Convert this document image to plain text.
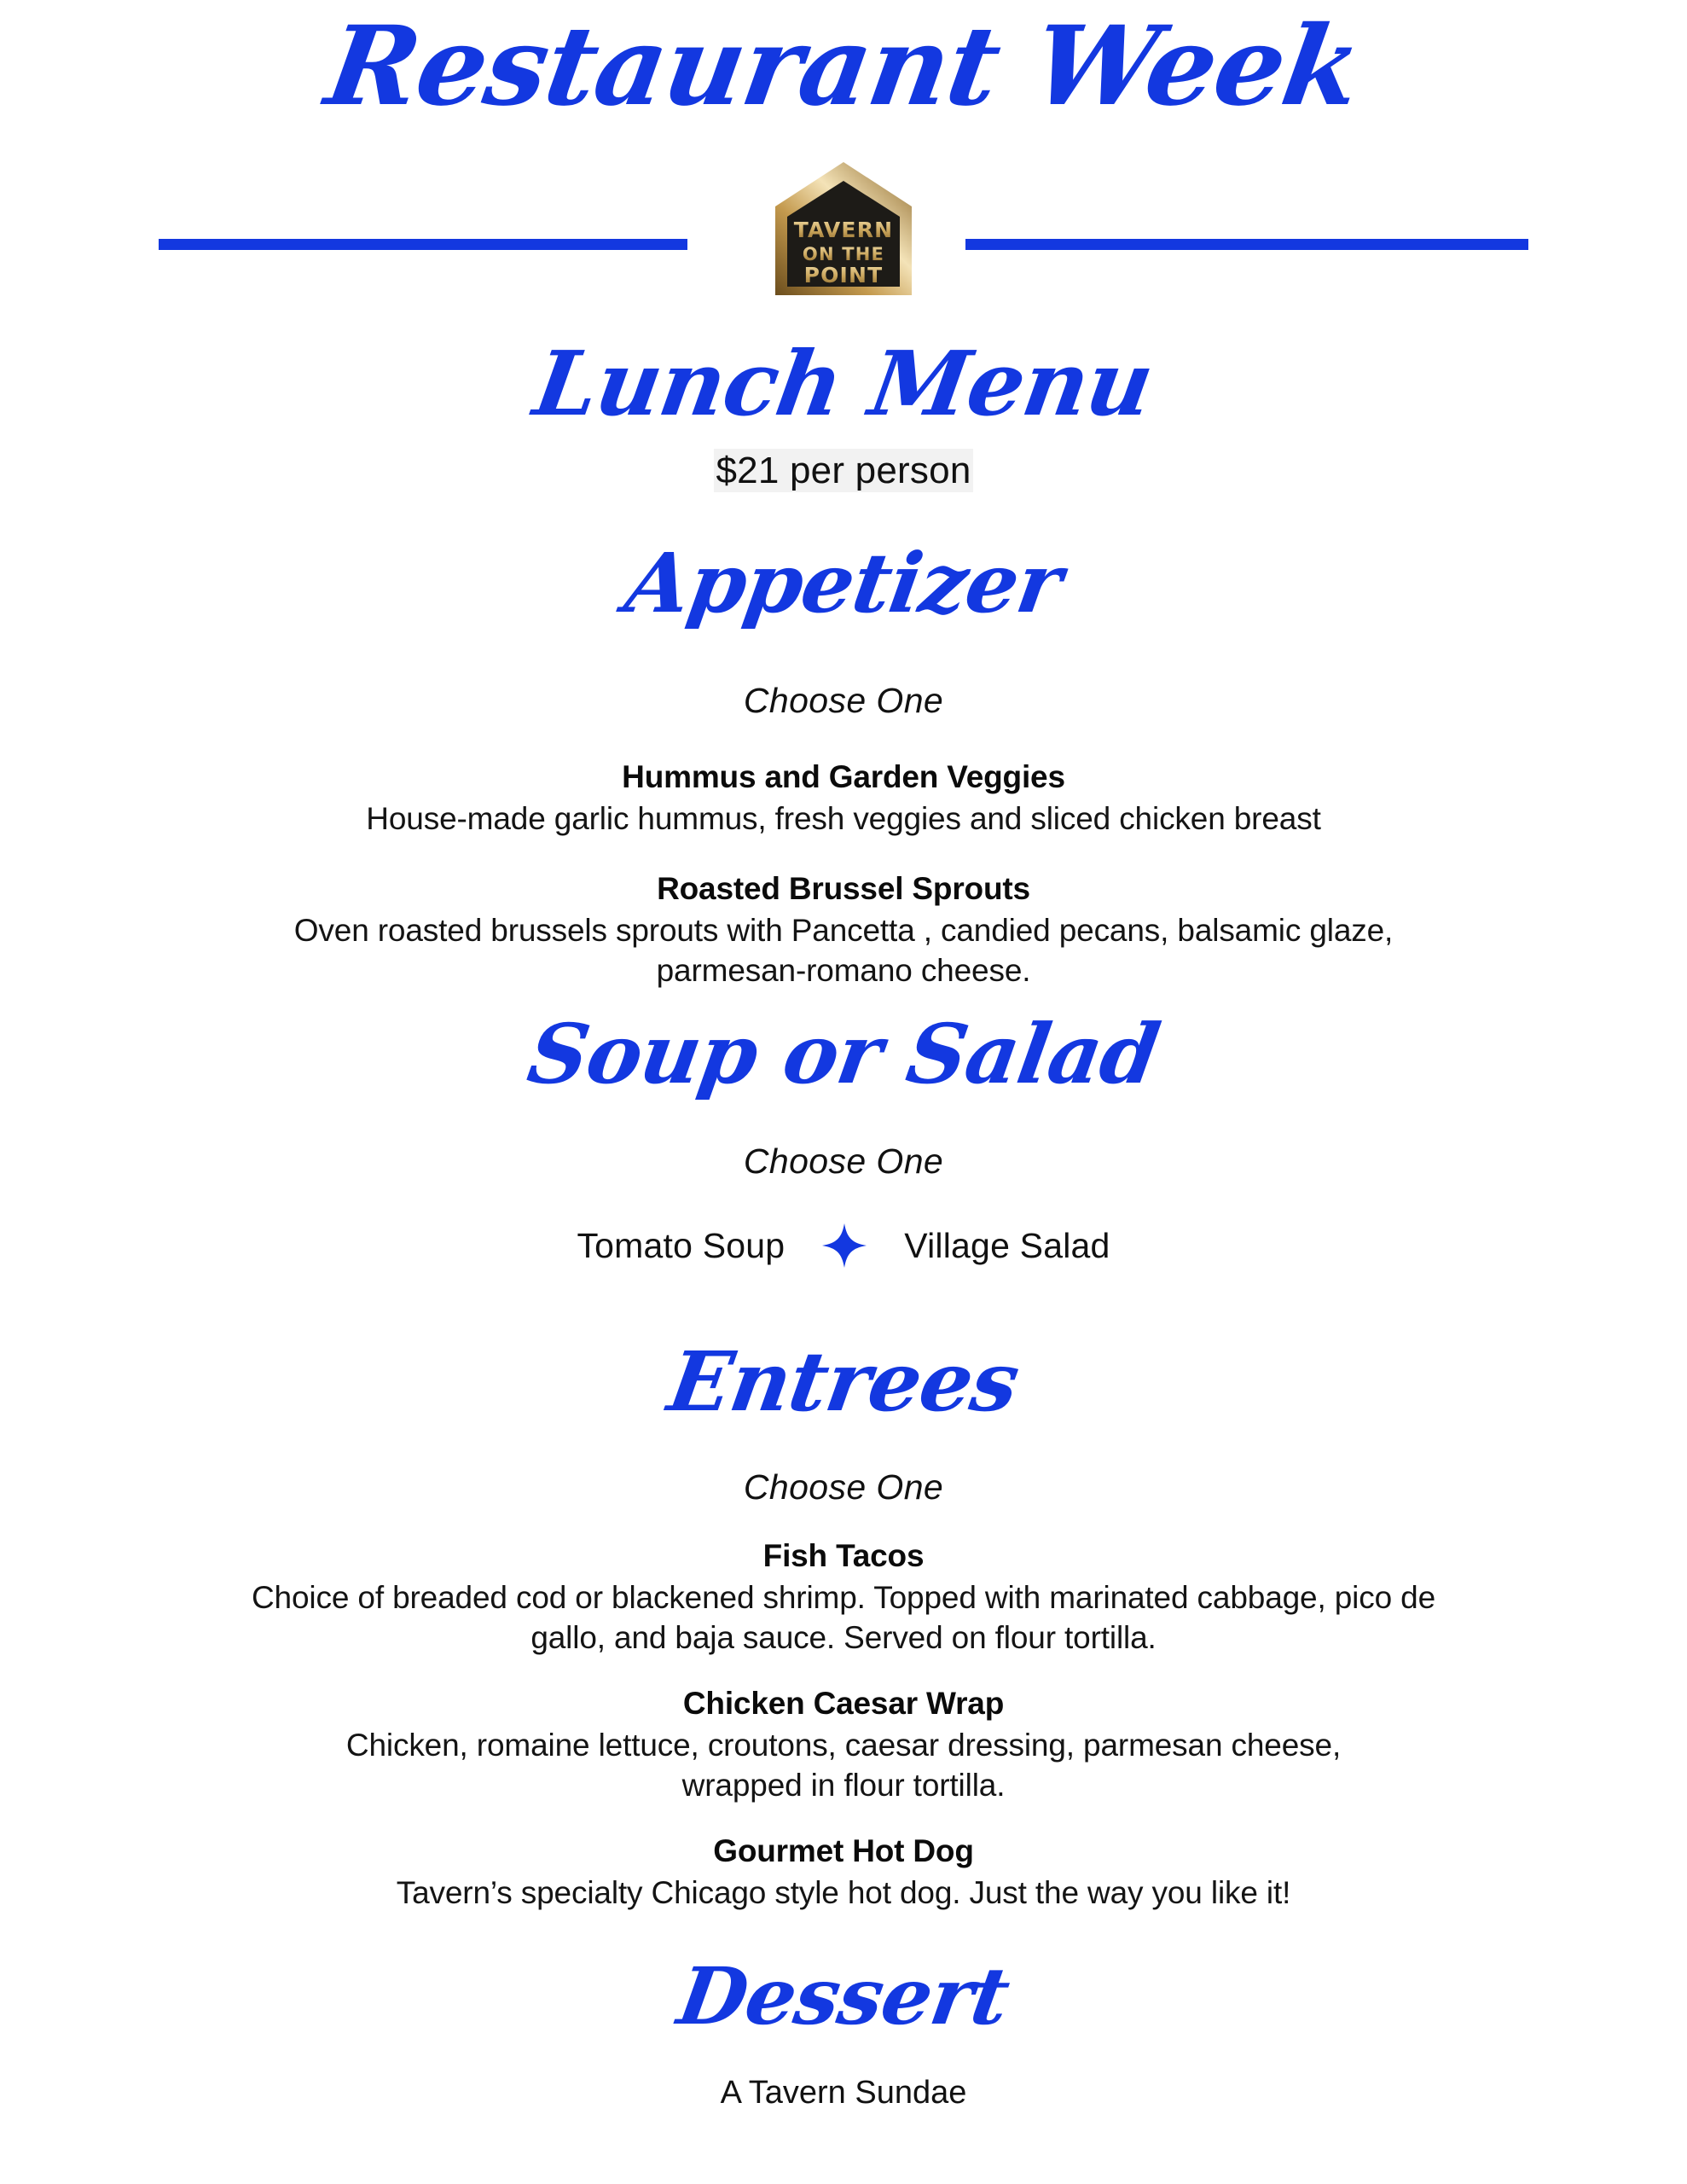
Restaurant Week
TAVERN
ON THE
POINT
Lunch Menu
$21 per person
Appetizer
Choose One

Hummus and Garden Veggies

House-made garlic hummus, fresh veggies and sliced chicken breast

Roasted Brussel Sprouts

Oven roasted brussels sprouts with Pancetta , candied pecans, balsamic glaze, parmesan-romano cheese.

Soup or Salad
Choose One
Tomato Soup	Village Salad
Entrees
Choose One

Fish Tacos

Choice of breaded cod or blackened shrimp. Topped with marinated cabbage, pico de gallo, and baja sauce. Served on flour tortilla.

Chicken Caesar Wrap

Chicken, romaine lettuce, croutons, caesar dressing, parmesan cheese, wrapped in flour tortilla.

Gourmet Hot Dog

Tavern’s specialty Chicago style hot dog. Just the way you like it!

Dessert
A Tavern Sundae
